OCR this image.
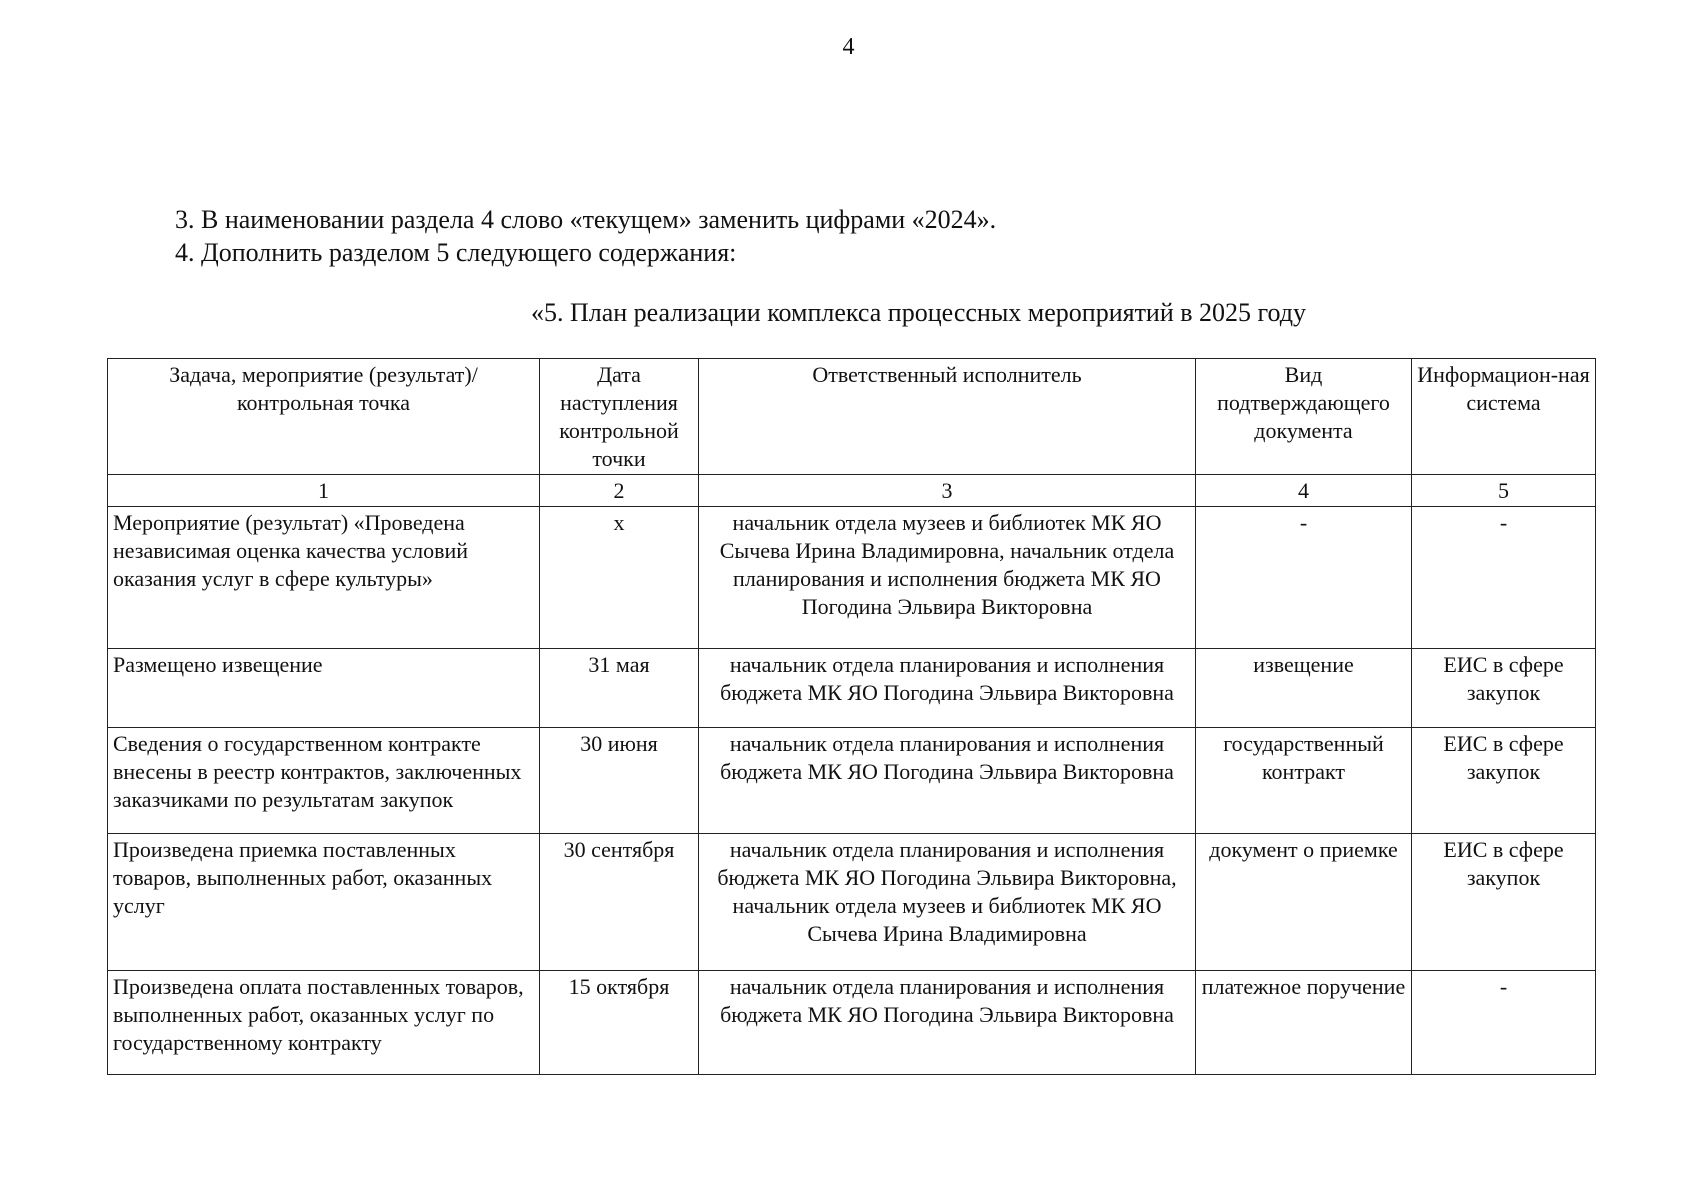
4
3. В наименовании раздела 4 слово «текущем» заменить цифрами «2024».
4. Дополнить разделом 5 следующего содержания:
«5. План реализации комплекса процессных мероприятий в 2025 году
Задача, мероприятие (результат)/ контрольная точка	Дата наступления контрольной точки	Ответственный исполнитель	Вид подтверждающего документа	Информацион-ная система
1	2	3	4	5
Мероприятие (результат) «Проведена независимая оценка качества условий оказания услуг в сфере культуры»	x	начальник отдела музеев и библиотек МК ЯО Сычева Ирина Владимировна, начальник отдела планирования и исполнения бюджета МК ЯО Погодина Эльвира Викторовна	-	-
Размещено извещение	31 мая	начальник отдела планирования и исполнения бюджета МК ЯО Погодина Эльвира Викторовна	извещение	ЕИС в сфере закупок
Сведения о государственном контракте внесены в реестр контрактов, заключенных заказчиками по результатам закупок	30 июня	начальник отдела планирования и исполнения бюджета МК ЯО Погодина Эльвира Викторовна	государственный контракт	ЕИС в сфере закупок
Произведена приемка поставленных товаров, выполненных работ, оказанных услуг	30 сентября	начальник отдела планирования и исполнения бюджета МК ЯО Погодина Эльвира Викторовна, начальник отдела музеев и библиотек МК ЯО Сычева Ирина Владимировна	документ о приемке	ЕИС в сфере закупок
Произведена оплата поставленных товаров, выполненных работ, оказанных услуг по государственному контракту	15 октября	начальник отдела планирования и исполнения бюджета МК ЯО Погодина Эльвира Викторовна	платежное поручение	-
